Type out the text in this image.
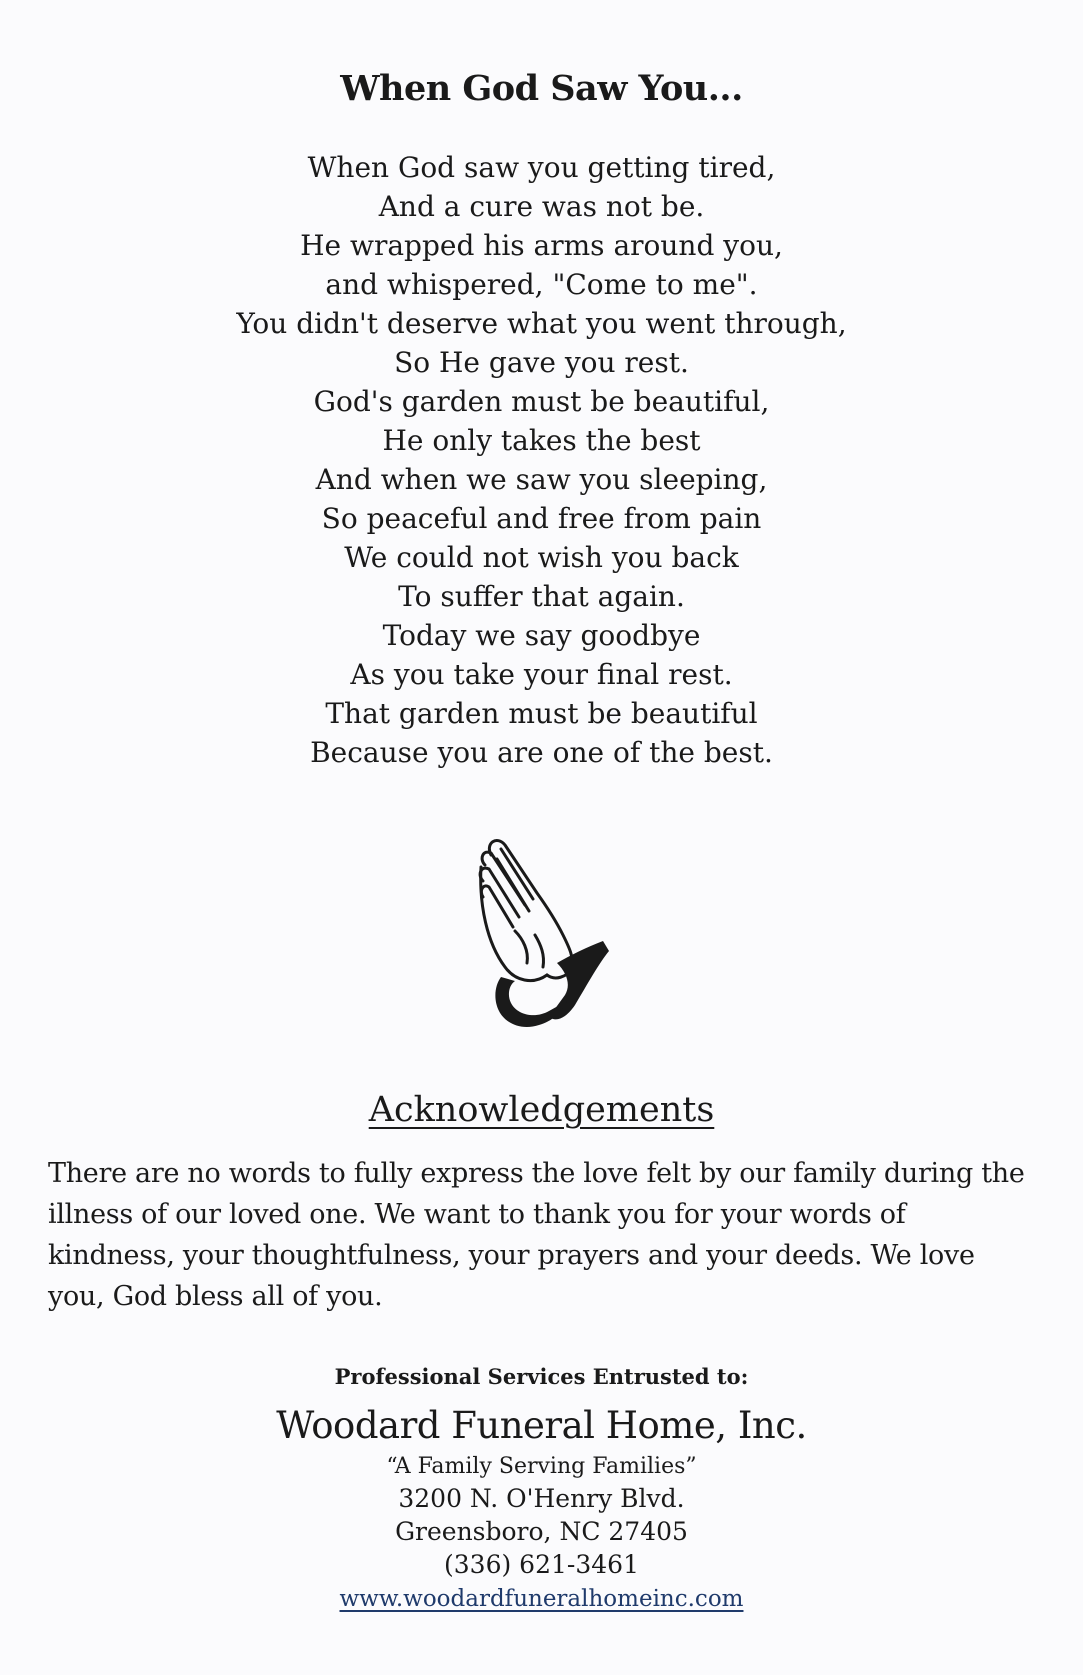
When God Saw You...
When God saw you getting tired,
And a cure was not be.
He wrapped his arms around you,
and whispered, "Come to me".
You didn't deserve what you went through,
So He gave you rest.
God's garden must be beautiful,
He only takes the best
And when we saw you sleeping,
So peaceful and free from pain
We could not wish you back
To suffer that again.
Today we say goodbye
As you take your final rest.
That garden must be beautiful
Because you are one of the best.
Acknowledgements
There are no words to fully express the love felt by our family during the illness of our loved one. We want to thank you for your words of kindness, your thoughtfulness, your prayers and your deeds. We love you, God bless all of you.
Professional Services Entrusted to:
Woodard Funeral Home, Inc.
“A Family Serving Families”
3200 N. O'Henry Blvd.
Greensboro, NC 27405
(336) 621-3461
www.woodardfuneralhomeinc.com
